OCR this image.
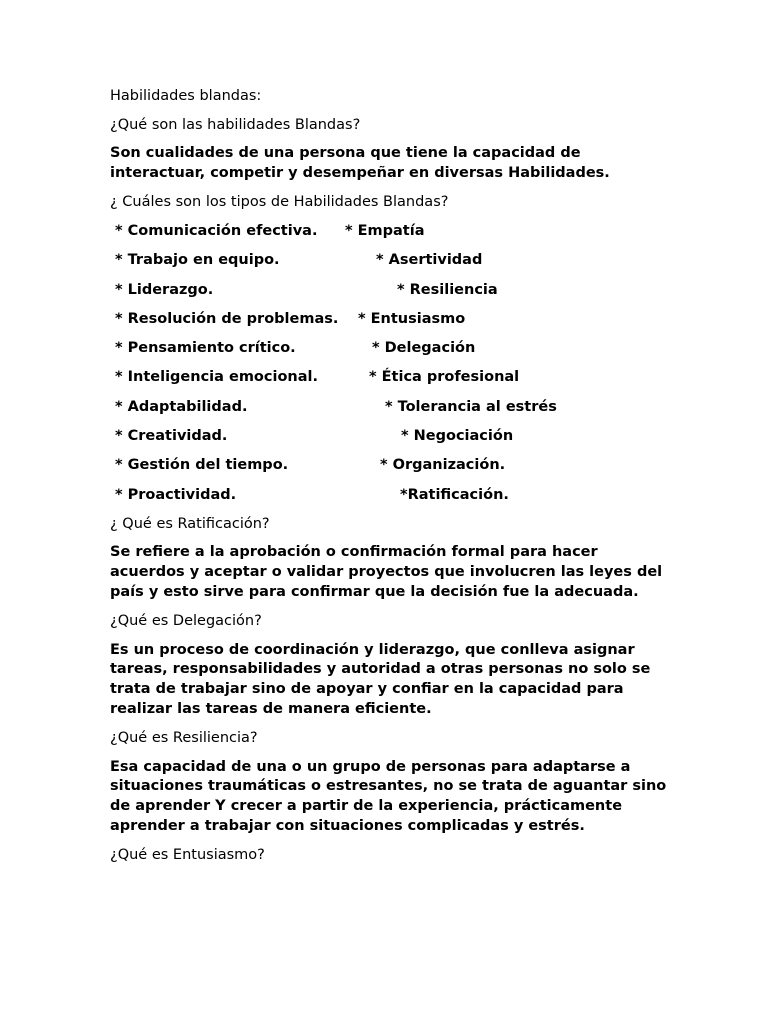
Habilidades blandas:

¿Qué son las habilidades Blandas?

Son cualidades de una persona que tiene la capacidad de interactuar, competir y desempeñar en diversas Habilidades.

¿ Cuáles son los tipos de Habilidades Blandas?

* Comunicación efectiva. * Empatía
* Trabajo en equipo.	* Asertividad
* Liderazgo.	* Resiliencia
* Resolución de problemas. * Entusiasmo
* Pensamiento crítico.	* Delegación
* Inteligencia emocional.	* Ética profesional
* Adaptabilidad.	* Tolerancia al estrés
* Creatividad.	* Negociación
* Gestión del tiempo.	* Organización.
* Proactividad.	*Ratificación.

¿ Qué es Ratificación?

Se refiere a la aprobación o confirmación formal para hacer acuerdos y aceptar o validar proyectos que involucren las leyes del país y esto sirve para confirmar que la decisión fue la adecuada.

¿Qué es Delegación?

Es un proceso de coordinación y liderazgo, que conlleva asignar tareas, responsabilidades y autoridad a otras personas no solo se trata de trabajar sino de apoyar y confiar en la capacidad para realizar las tareas de manera eficiente.

¿Qué es Resiliencia?

Esa capacidad de una o un grupo de personas para adaptarse a situaciones traumáticas o estresantes, no se trata de aguantar sino de aprender Y crecer a partir de la experiencia, prácticamente aprender a trabajar con situaciones complicadas y estrés.

¿Qué es Entusiasmo?
